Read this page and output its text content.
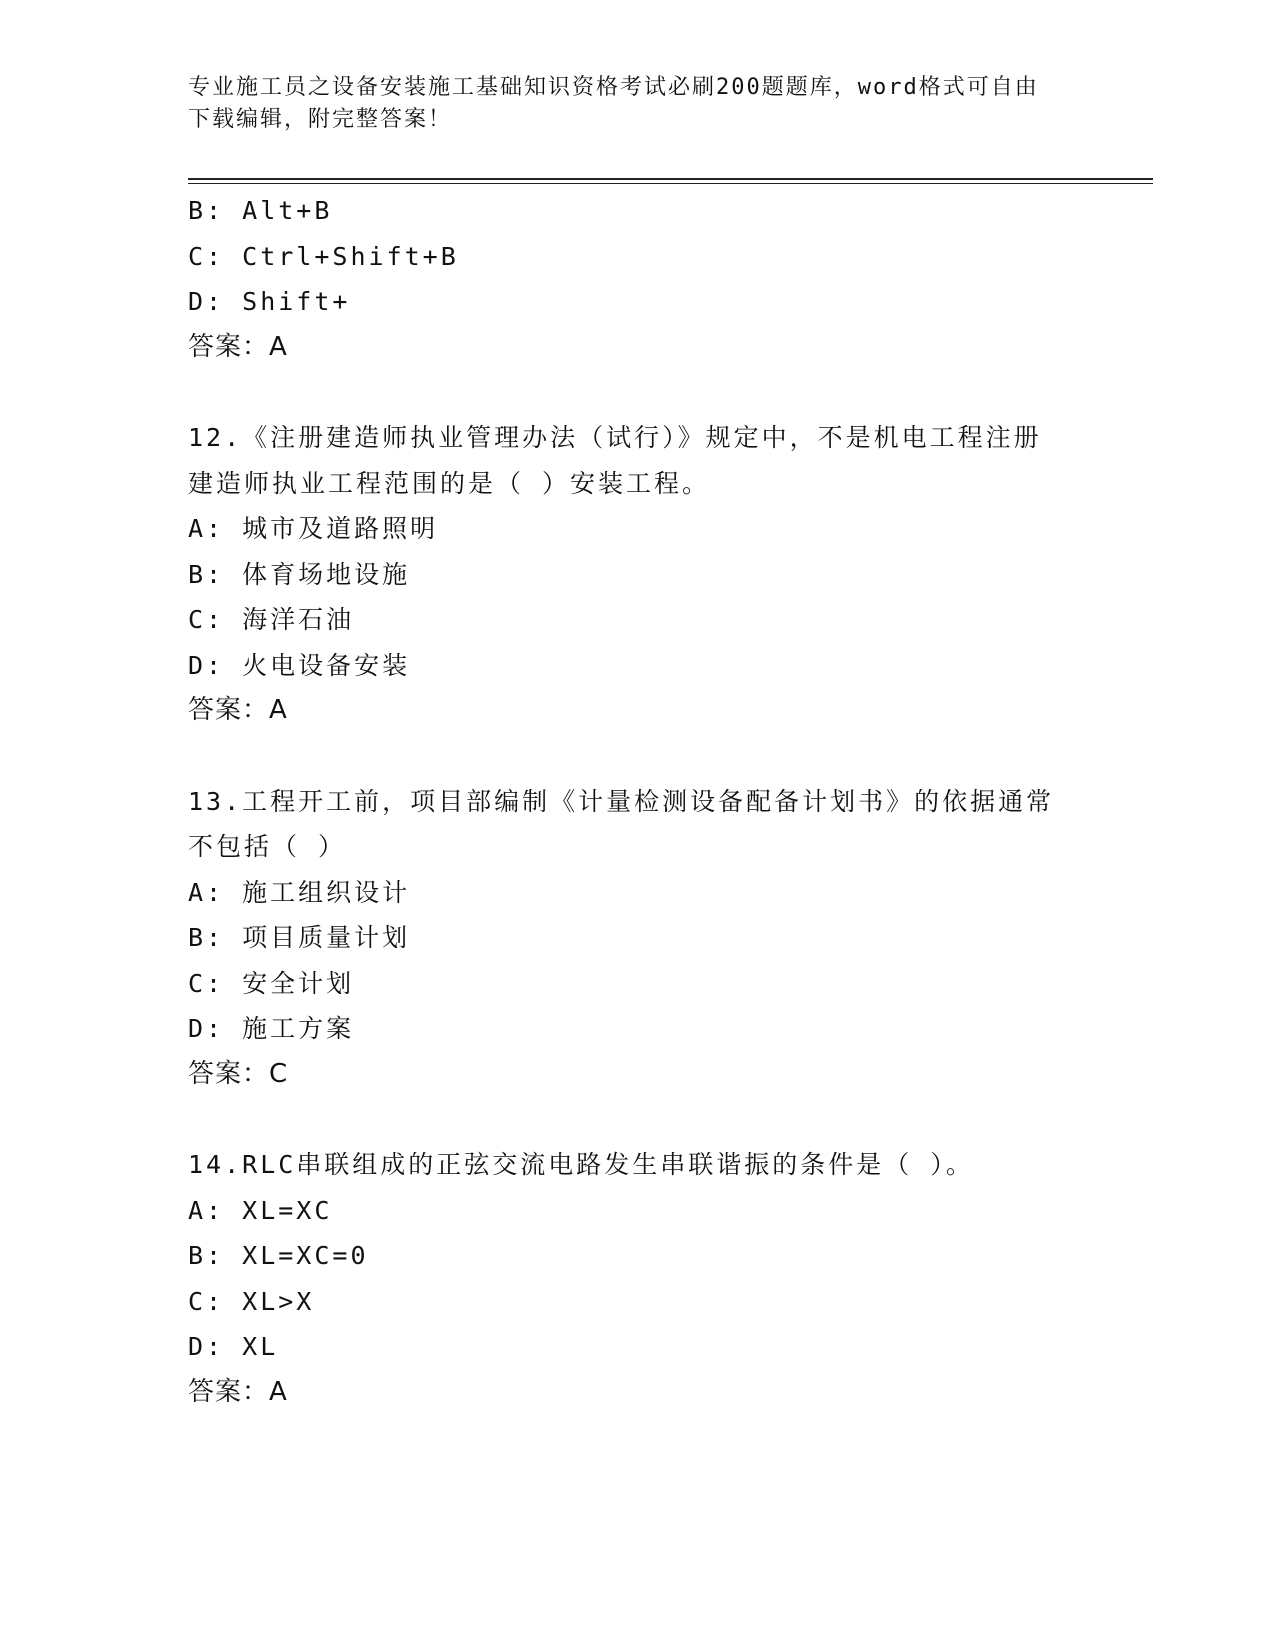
专业施工员之设备安装施工基础知识资格考试必刷200题题库，word格式可自由
下载编辑，附完整答案！
B: Alt+B
C: Ctrl+Shift+B
D: Shift+
答案：A
12.《注册建造师执业管理办法（试行）》规定中，不是机电工程注册
建造师执业工程范围的是（ ）安装工程。
A: 城市及道路照明
B: 体育场地设施
C: 海洋石油
D: 火电设备安装
答案：A
13.工程开工前，项目部编制《计量检测设备配备计划书》的依据通常
不包括（ ）
A: 施工组织设计
B: 项目质量计划
C: 安全计划
D: 施工方案
答案：C
14.RLC串联组成的正弦交流电路发生串联谐振的条件是（ ）。
A: XL=XC
B: XL=XC=0
C: XL>X
D: XL
答案：A
